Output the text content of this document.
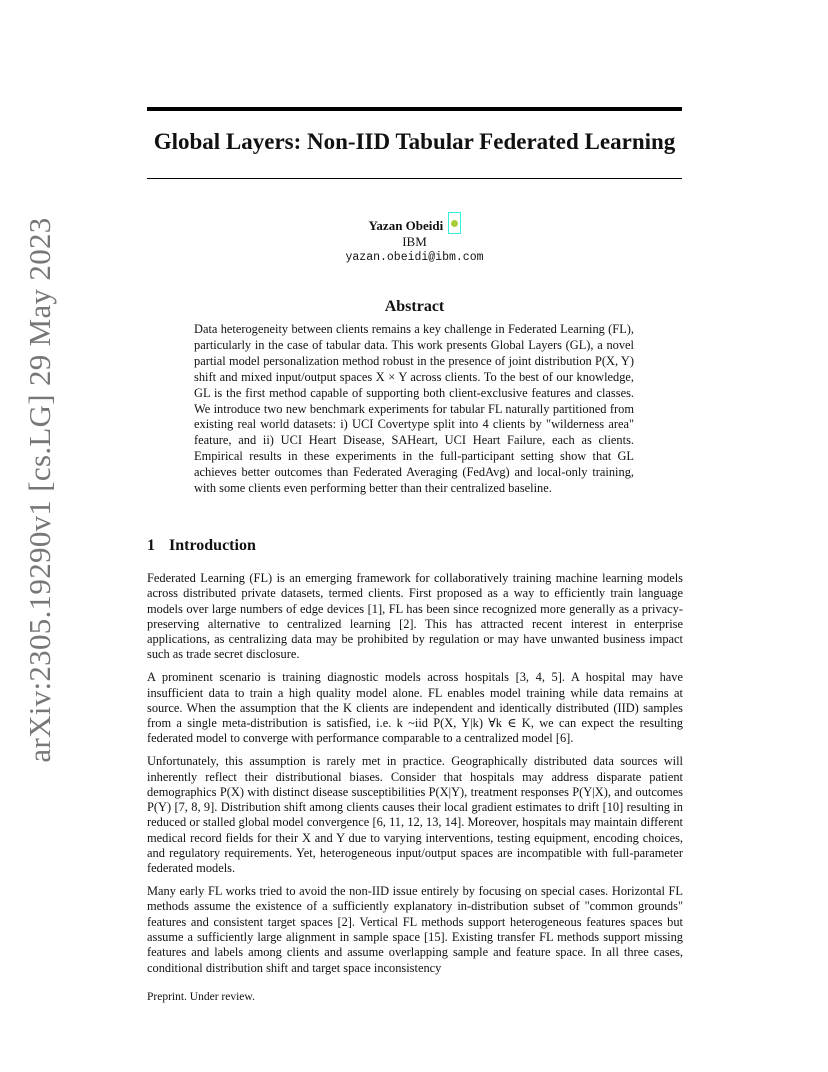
arXiv:2305.19290v1 [cs.LG] 29 May 2023
Global Layers: Non-IID Tabular Federated Learning
Yazan Obeidi
IBM
yazan.obeidi@ibm.com
Abstract
Data heterogeneity between clients remains a key challenge in Federated Learning (FL), particularly in the case of tabular data. This work presents Global Layers (GL), a novel partial model personalization method robust in the presence of joint distribution P(X, Y) shift and mixed input/output spaces X × Y across clients. To the best of our knowledge, GL is the first method capable of supporting both client-exclusive features and classes. We introduce two new benchmark experiments for tabular FL naturally partitioned from existing real world datasets: i) UCI Covertype split into 4 clients by "wilderness area" feature, and ii) UCI Heart Disease, SAHeart, UCI Heart Failure, each as clients. Empirical results in these experiments in the full-participant setting show that GL achieves better outcomes than Federated Averaging (FedAvg) and local-only training, with some clients even performing better than their centralized baseline.
1 Introduction

Federated Learning (FL) is an emerging framework for collaboratively training machine learning models across distributed private datasets, termed clients. First proposed as a way to efficiently train language models over large numbers of edge devices [1], FL has been since recognized more generally as a privacy-preserving alternative to centralized learning [2]. This has attracted recent interest in enterprise applications, as centralizing data may be prohibited by regulation or may have unwanted business impact such as trade secret disclosure.

A prominent scenario is training diagnostic models across hospitals [3, 4, 5]. A hospital may have insufficient data to train a high quality model alone. FL enables model training while data remains at source. When the assumption that the K clients are independent and identically distributed (IID) samples from a single meta-distribution is satisfied, i.e. k ~iid P(X, Y|k) ∀k ∈ K, we can expect the resulting federated model to converge with performance comparable to a centralized model [6].

Unfortunately, this assumption is rarely met in practice. Geographically distributed data sources will inherently reflect their distributional biases. Consider that hospitals may address disparate patient demographics P(X) with distinct disease susceptibilities P(X|Y), treatment responses P(Y|X), and outcomes P(Y) [7, 8, 9]. Distribution shift among clients causes their local gradient estimates to drift [10] resulting in reduced or stalled global model convergence [6, 11, 12, 13, 14]. Moreover, hospitals may maintain different medical record fields for their X and Y due to varying interventions, testing equipment, encoding choices, and regulatory requirements. Yet, heterogeneous input/output spaces are incompatible with full-parameter federated models.

Many early FL works tried to avoid the non-IID issue entirely by focusing on special cases. Horizontal FL methods assume the existence of a sufficiently explanatory in-distribution subset of "common grounds" features and consistent target spaces [2]. Vertical FL methods support heterogeneous features spaces but assume a sufficiently large alignment in sample space [15]. Existing transfer FL methods support missing features and labels among clients and assume overlapping sample and feature space. In all three cases, conditional distribution shift and target space inconsistency

Preprint. Under review.
